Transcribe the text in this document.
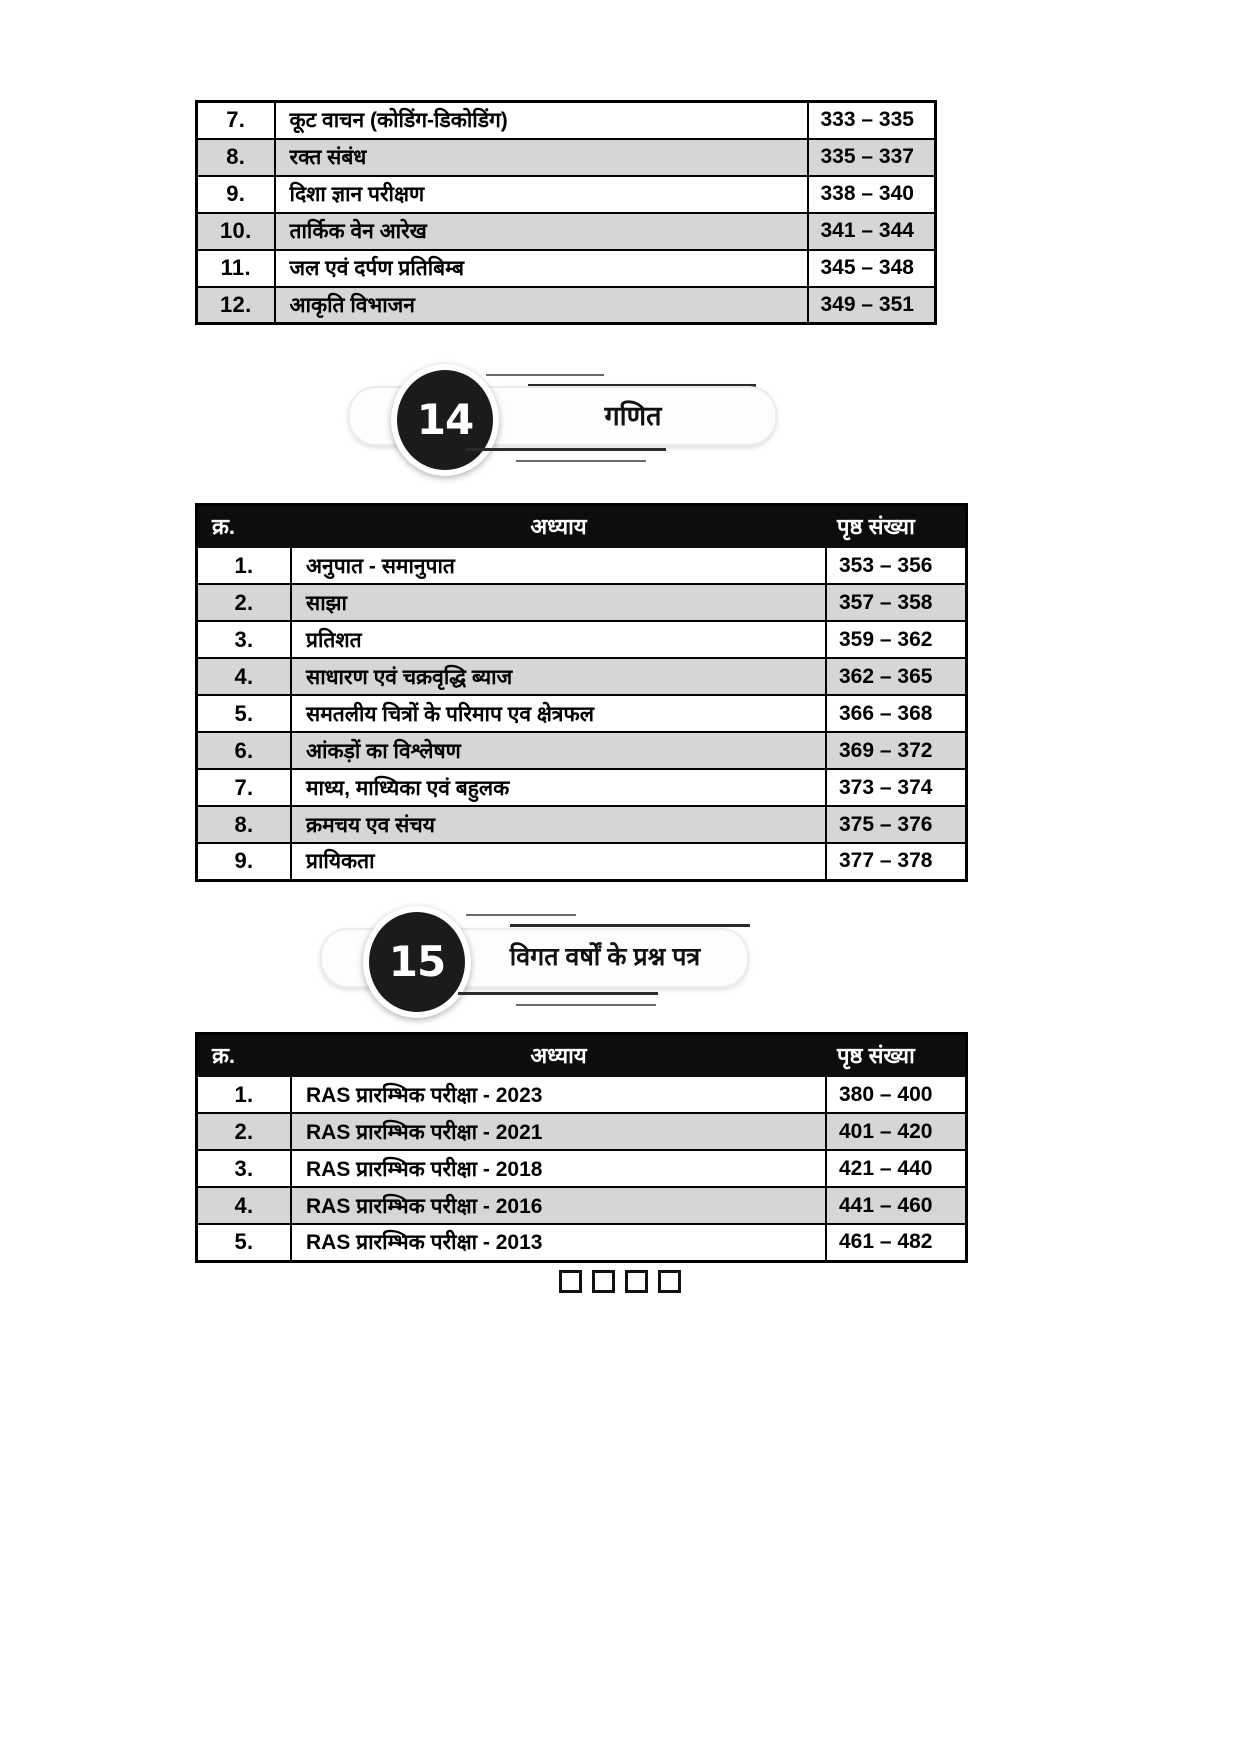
7.	कूट वाचन (कोडिंग-डिकोडिंग)	333 – 335
8.	रक्त संबंध	335 – 337
9.	दिशा ज्ञान परीक्षण	338 – 340
10.	तार्किक वेन आरेख	341 – 344
11.	जल एवं दर्पण प्रतिबिम्ब	345 – 348
12.	आकृति विभाजन	349 – 351
14	गणित
क्र.	अध्याय	पृष्ठ संख्या
1.	अनुपात - समानुपात	353 – 356
2.	साझा	357 – 358
3.	प्रतिशत	359 – 362
4.	साधारण एवं चक्रवृद्धि ब्याज	362 – 365
5.	समतलीय चित्रों के परिमाप एव क्षेत्रफल	366 – 368
6.	आंकड़ों का विश्लेषण	369 – 372
7.	माध्य, माध्यिका एवं बहुलक	373 – 374
8.	क्रमचय एव संचय	375 – 376
9.	प्रायिकता	377 – 378
15	विगत वर्षों के प्रश्न पत्र
क्र.	अध्याय	पृष्ठ संख्या
1.	RAS प्रारम्भिक परीक्षा - 2023	380 – 400
2.	RAS प्रारम्भिक परीक्षा - 2021	401 – 420
3.	RAS प्रारम्भिक परीक्षा - 2018	421 – 440
4.	RAS प्रारम्भिक परीक्षा - 2016	441 – 460
5.	RAS प्रारम्भिक परीक्षा - 2013	461 – 482
